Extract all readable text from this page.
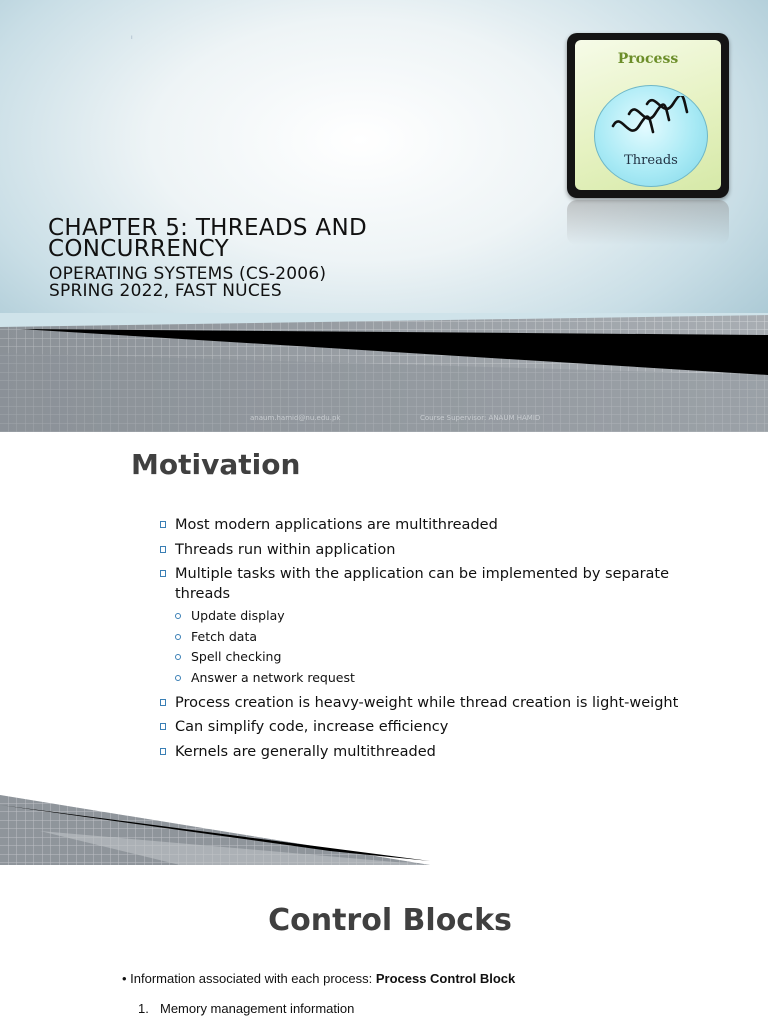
ı
Process
Threads
CHAPTER 5: THREADS AND CONCURRENCY
OPERATING SYSTEMS (CS-2006)
SPRING 2022, FAST NUCES
anaum.hamid@nu.edu.pk	Course Supervisor: ANAUM HAMID
Motivation
Most modern applications are multithreaded
Threads run within application
Multiple tasks with the application can be implemented by separate threads
Update display
Fetch data
Spell checking
Answer a network request
Process creation is heavy-weight while thread creation is light-weight
Can simplify code, increase efficiency
Kernels are generally multithreaded
Control Blocks
• Information associated with each process: Process Control Block
1. Memory management information
